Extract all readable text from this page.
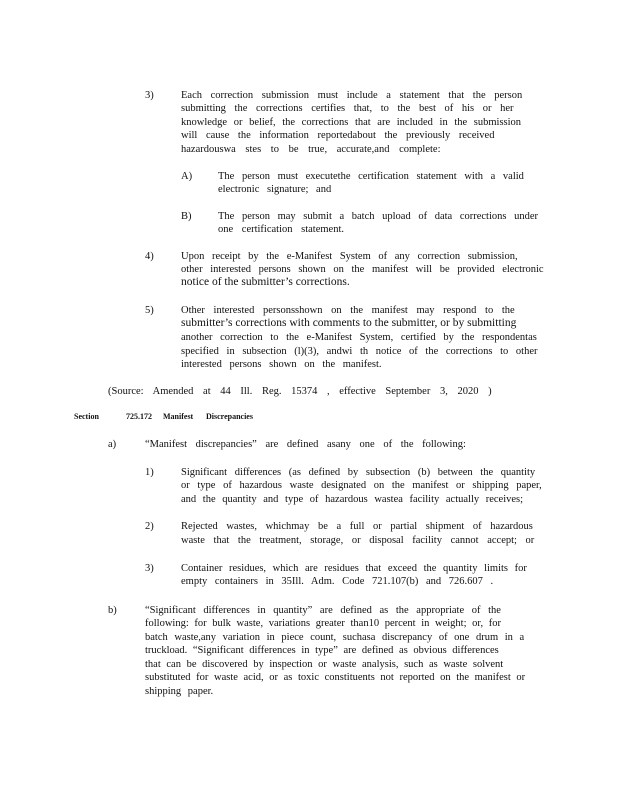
3)	Each correction submission must include a statement that the person
submitting the corrections certifies that, to the best of his or her
knowledge or belief, the corrections that are included in the submission
will cause the information reportedabout the previously received
hazardouswa stes to be true, accurate,and complete:
A) The person must executethe certification statement with a valid
electronic signature; and
B)	The person may submit a batch upload of data corrections under
one certification statement.
4)	Upon receipt by the e-Manifest System of any correction submission,
other interested persons shown on the manifest will be provided electronic
notice of the submitter’s corrections.
5)	Other interested personsshown on the manifest may respond to the
submitter’s corrections with comments to the submitter, or by submitting
another correction to the e-Manifest System, certified by the respondentas
specified in subsection (l)(3), andwi th notice of the corrections to other
interested persons shown on the manifest.
(Source: Amended at 44 Ill. Reg. 15374 , effective September 3, 2020 )
Section	725.172 Manifest Discrepancies
a)	“Manifest discrepancies” are defined asany one of the following:
1)	Significant differences (as defined by subsection (b) between the quantity
or type of hazardous waste designated on the manifest or shipping paper,
and the quantity and type of hazardous wastea facility actually receives;
2)	Rejected wastes, whichmay be a full or partial shipment of hazardous
waste that the treatment, storage, or disposal facility cannot accept; or
3)	Container residues, which are residues that exceed the quantity limits for
empty containers in 35Ill. Adm. Code 721.107(b) and 726.607 .
b)	“Significant differences in quantity” are defined as the appropriate of the
following: for bulk waste, variations greater than10 percent in weight; or, for
batch waste,any variation in piece count, suchasa discrepancy of one drum in a
truckload. “Significant differences in type” are defined as obvious differences
that can be discovered by inspection or waste analysis, such as waste solvent
substituted for waste acid, or as toxic constituents not reported on the manifest or
shipping paper.
